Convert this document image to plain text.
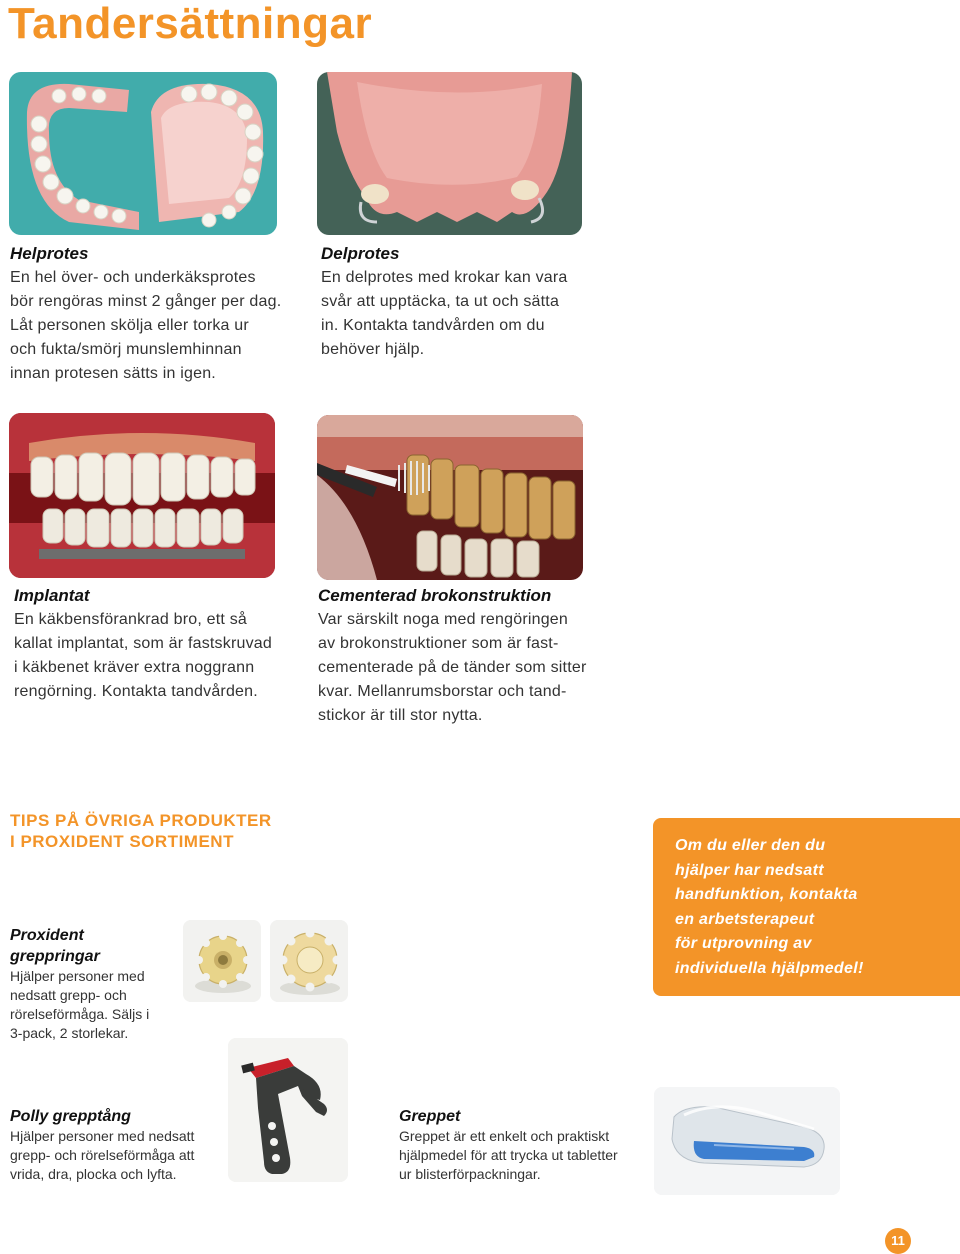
Tandersättningar
Helprotes

En hel över- och underkäksprotes

bör rengöras minst 2 gånger per dag.

Låt personen skölja eller torka ur

och fukta/smörj munslemhinnan

innan protesen sätts in igen.

Delprotes

En delprotes med krokar kan vara

svår att upptäcka, ta ut och sätta

in. Kontakta tandvården om du

behöver hjälp.

Implantat

En käkbensförankrad bro, ett så

kallat implantat, som är fastskruvad

i käkbenet kräver extra noggrann

rengörning. Kontakta tandvården.

Cementerad brokonstruktion

Var särskilt noga med rengöringen

av brokonstruktioner som är fast-

cementerade på de tänder som sitter

kvar. Mellanrumsborstar och tand-

stickor är till stor nytta.

TIPS PÅ ÖVRIGA PRODUKTER
I PROXIDENT SORTIMENT	Om du eller den du

hjälper har nedsatt

handfunktion, kontakta

en arbetsterapeut

för utprovning av

individuella hjälpmedel!

Proxident
greppringar
Hjälper personer med
nedsatt grepp- och
rörelseförmåga. Säljs i
3-pack, 2 storlekar.
Polly grepptång
Hjälper personer med nedsatt
grepp- och rörelseförmåga att
vrida, dra, plocka och lyfta.
Greppet
Greppet är ett enkelt och praktiskt
hjälpmedel för att trycka ut tabletter
ur blisterförpackningar.
11
